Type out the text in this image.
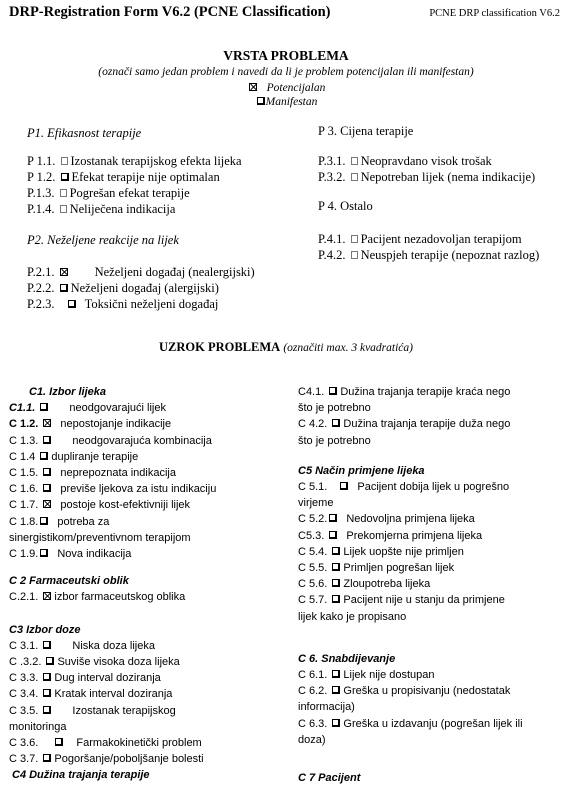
DRP-Registration Form V6.2 (PCNE Classification)	PCNE DRP classification V6.2
VRSTA PROBLEMA
(označi samo jedan problem i navedi da li je problem potencijalan ili manifestan)
Potencijalan
Manifestan
P1. Efikasnost terapije
P 1.1. Izostanak terapijskog efekta lijeka
P 1.2. Efekat terapije nije optimalan
P.1.3. Pogrešan efekat terapije
P.1.4. Neliječena indikacija
P2. Neželjene reakcije na lijek
P.2.1.	Neželjeni događaj (nealergijski)
P.2.2. Neželjeni događaj (alergijski)
P.2.3. Toksični neželjeni događaj
P 3. Cijena terapije
P.3.1. Neopravdano visok trošak
P.3.2. Nepotreban lijek (nema indikacije)
P 4. Ostalo
P.4.1. Pacijent nezadovoljan terapijom
P.4.2. Neuspjeh terapije (nepoznat razlog)
UZROK PROBLEMA (označiti max. 3 kvadratića)
C1. Izbor lijeka
C1.1.	neodgovarajući lijek
C 1.2. nepostojanje indikacije
C 1.3.	neodgovarajuća kombinacija
C 1.4 dupliranje terapije
C 1.5. neprepoznata indikacija
C 1.6. previše ljekova za istu indikaciju
C 1.7. postoje kost-efektivniji lijek
C 1.8. potreba za
sinergistikom/preventivnom terapijom
C 1.9. Nova indikacija
C 2 Farmaceutski oblik
C.2.1. izbor farmaceutskog oblika
C3 Izbor doze
C 3.1.	Niska doza lijeka
C .3.2. Suviše visoka doza lijeka
C 3.3. Dug interval doziranja
C 3.4. Kratak interval doziranja
C 3.5.	Izostanak terapijskog
monitoringa
C 3.6.	Farmakokinetički problem
C 3.7. Pogoršanje/poboljšanje bolesti
C4 Dužina trajanja terapije
C4.1. Dužina trajanja terapije kraća nego
što je potrebno
C 4.2. Dužina trajanja terapije duža nego
što je potrebno
C5 Način primjene lijeka
C 5.1. Pacijent dobija lijek u pogrešno
virjeme
C 5.2. Nedovoljna primjena lijeka
C5.3. Prekomjerna primjena lijeka
C 5.4. Lijek uopšte nije primljen
C 5.5. Primljen pogrešan lijek
C 5.6. Zloupotreba lijeka
C 5.7. Pacijent nije u stanju da primjene
lijek kako je propisano
C 6. Snabdijevanje
C 6.1. Lijek nije dostupan
C 6.2. Greška u propisivanju (nedostatak
informacija)
C 6.3. Greška u izdavanju (pogrešan lijek ili
doza)
C 7 Pacijent
